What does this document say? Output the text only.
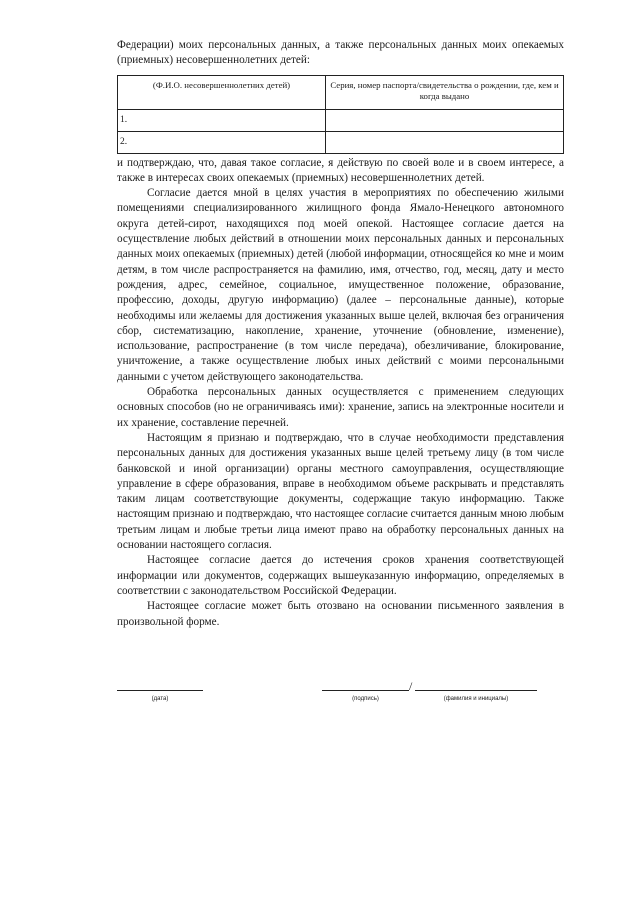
Федерации) моих персональных данных, а также персональных данных моих опекаемых (приемных) несовершеннолетних детей:

(Ф.И.О. несовершеннолетних детей)	Серия, номер паспорта/свидетельства о рождении, где, кем и когда выдано
1.	
2.	

и подтверждаю, что, давая такое согласие, я действую по своей воле и в своем интересе, а также в интересах своих опекаемых (приемных) несовершеннолетних детей.

Согласие дается мной в целях участия в мероприятиях по обеспечению жилыми помещениями специализированного жилищного фонда Ямало-Ненецкого автономного округа детей-сирот, находящихся под моей опекой. Настоящее согласие дается на осуществление любых действий в отношении моих персональных данных и персональных данных моих опекаемых (приемных) детей (любой информации, относящейся ко мне и моим детям, в том числе распространяется на фамилию, имя, отчество, год, месяц, дату и место рождения, адрес, семейное, социальное, имущественное положение, образование, профессию, доходы, другую информацию) (далее – персональные данные), которые необходимы или желаемы для достижения указанных выше целей, включая без ограничения сбор, систематизацию, накопление, хранение, уточнение (обновление, изменение), использование, распространение (в том числе передача), обезличивание, блокирование, уничтожение, а также осуществление любых иных действий с моими персональными данными с учетом действующего законодательства.

Обработка персональных данных осуществляется с применением следующих основных способов (но не ограничиваясь ими): хранение, запись на электронные носители и их хранение, составление перечней.

Настоящим я признаю и подтверждаю, что в случае необходимости представления персональных данных для достижения указанных выше целей третьему лицу (в том числе банковской и иной организации) органы местного самоуправления, осуществляющие управление в сфере образования, вправе в необходимом объеме раскрывать и представлять таким лицам соответствующие документы, содержащие такую информацию. Также настоящим признаю и подтверждаю, что настоящее согласие считается данным мною любым третьим лицам и любые третьи лица имеют право на обработку персональных данных на основании настоящего согласия.

Настоящее согласие дается до истечения сроков хранения соответствующей информации или документов, содержащих вышеуказанную информацию, определяемых в соответствии с законодательством Российской Федерации.

Настоящее согласие может быть отозвано на основании письменного заявления в произвольной форме.

/
(дата)	(подпись)	(фамилия и инициалы)
